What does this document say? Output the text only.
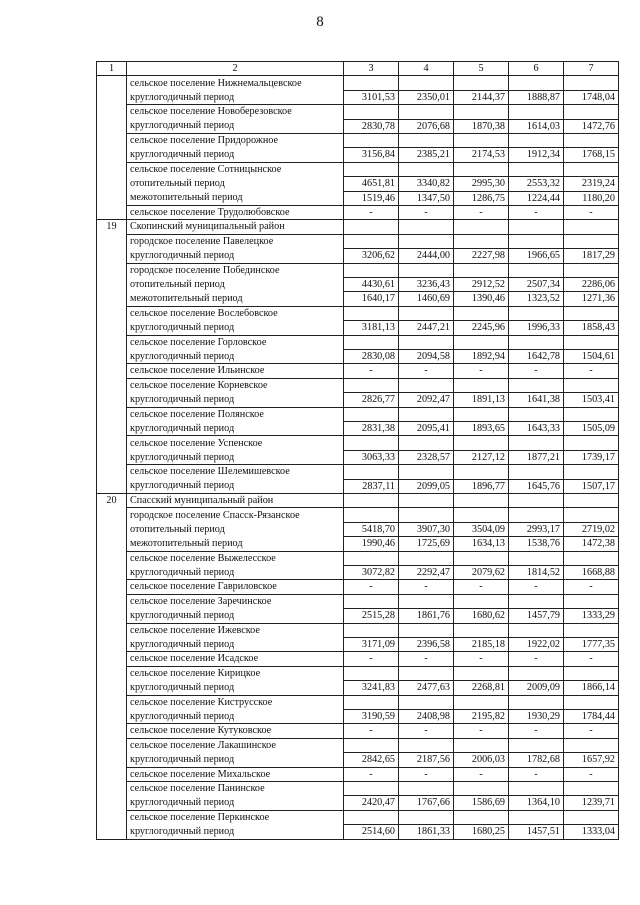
8
1	2	3	4	5	6	7
	сельское поселение Нижнемальцевское					
	круглогодичный период	3101,53	2350,01	2144,37	1888,87	1748,04
	сельское поселение Новоберезовское					
	круглогодичный период	2830,78	2076,68	1870,38	1614,03	1472,76
	сельское поселение Придорожное					
	круглогодичный период	3156,84	2385,21	2174,53	1912,34	1768,15
	сельское поселение Сотницынское					
	отопительный период	4651,81	3340,82	2995,30	2553,32	2319,24
	межотопительный период	1519,46	1347,50	1286,75	1224,44	1180,20
	сельское поселение Трудолюбовское	-	-	-	-	-
19	Скопинский муниципальный район					
	городское поселение Павелецкое					
	круглогодичный период	3206,62	2444,00	2227,98	1966,65	1817,29
	городское поселение Побединское					
	отопительный период	4430,61	3236,43	2912,52	2507,34	2286,06
	межотопительный период	1640,17	1460,69	1390,46	1323,52	1271,36
	сельское поселение Вослебовское					
	круглогодичный период	3181,13	2447,21	2245,96	1996,33	1858,43
	сельское поселение Горловское					
	круглогодичный период	2830,08	2094,58	1892,94	1642,78	1504,61
	сельское поселение Ильинское	-	-	-	-	-
	сельское поселение Корневское					
	круглогодичный период	2826,77	2092,47	1891,13	1641,38	1503,41
	сельское поселение Полянское					
	круглогодичный период	2831,38	2095,41	1893,65	1643,33	1505,09
	сельское поселение Успенское					
	круглогодичный период	3063,33	2328,57	2127,12	1877,21	1739,17
	сельское поселение Шелемишевское					
	круглогодичный период	2837,11	2099,05	1896,77	1645,76	1507,17
20	Спасский муниципальный район					
	городское поселение Спасск-Рязанское					
	отопительный период	5418,70	3907,30	3504,09	2993,17	2719,02
	межотопительный период	1990,46	1725,69	1634,13	1538,76	1472,38
	сельское поселение Выжелесское					
	круглогодичный период	3072,82	2292,47	2079,62	1814,52	1668,88
	сельское поселение Гавриловское	-	-	-	-	-
	сельское поселение Заречинское					
	круглогодичный период	2515,28	1861,76	1680,62	1457,79	1333,29
	сельское поселение Ижевское					
	круглогодичный период	3171,09	2396,58	2185,18	1922,02	1777,35
	сельское поселение Исадское	-	-	-	-	-
	сельское поселение Кирицкое					
	круглогодичный период	3241,83	2477,63	2268,81	2009,09	1866,14
	сельское поселение Киструсское					
	круглогодичный период	3190,59	2408,98	2195,82	1930,29	1784,44
	сельское поселение Кутуковское	-	-	-	-	-
	сельское поселение Лакашинское					
	круглогодичный период	2842,65	2187,56	2006,03	1782,68	1657,92
	сельское поселение Михальское	-	-	-	-	-
	сельское поселение Панинское					
	круглогодичный период	2420,47	1767,66	1586,69	1364,10	1239,71
	сельское поселение Перкинское					
	круглогодичный период	2514,60	1861,33	1680,25	1457,51	1333,04
